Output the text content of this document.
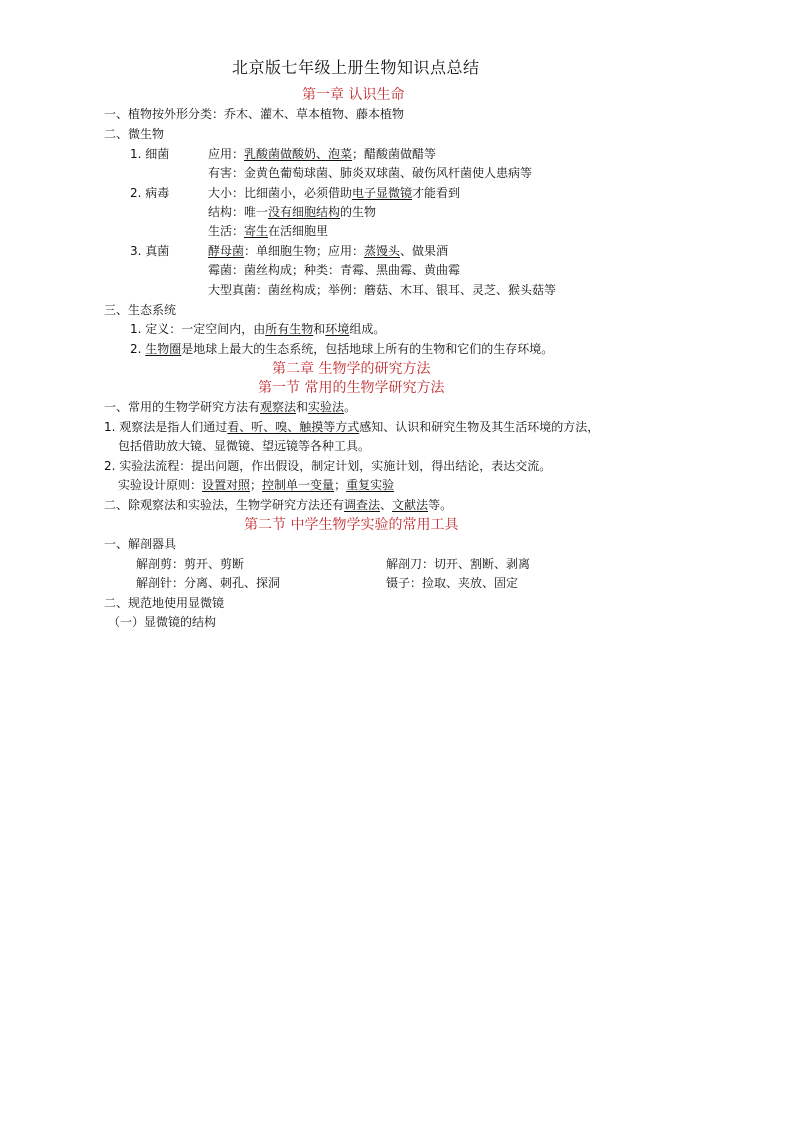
北京版七年级上册生物知识点总结
第一章 认识生命
一、植物按外形分类：乔木、灌木、草本植物、藤本植物
二、微生物
1. 细菌	应用：乳酸菌做酸奶、泡菜；醋酸菌做醋等
有害：金黄色葡萄球菌、肺炎双球菌、破伤风杆菌使人患病等
2. 病毒	大小：比细菌小，必须借助电子显微镜才能看到
结构：唯一没有细胞结构的生物
生活：寄生在活细胞里
3. 真菌	酵母菌：单细胞生物；应用：蒸馒头、做果酒
霉菌：菌丝构成；种类：青霉、黑曲霉、黄曲霉
大型真菌：菌丝构成；举例：蘑菇、木耳、银耳、灵芝、猴头菇等
三、生态系统
1. 定义：一定空间内，由所有生物和环境组成。
2. 生物圈是地球上最大的生态系统，包括地球上所有的生物和它们的生存环境。
第二章 生物学的研究方法
第一节 常用的生物学研究方法
一、常用的生物学研究方法有观察法和实验法。
1. 观察法是指人们通过看、听、嗅、触摸等方式感知、认识和研究生物及其生活环境的方法，
包括借助放大镜、显微镜、望远镜等各种工具。
2. 实验法流程：提出问题，作出假设，制定计划，实施计划，得出结论，表达交流。
实验设计原则：设置对照；控制单一变量；重复实验
二、除观察法和实验法，生物学研究方法还有调查法、文献法等。
第二节 中学生物学实验的常用工具
一、解剖器具
解剖剪：剪开、剪断	解剖刀：切开、割断、剥离
解剖针：分离、刺孔、探洞	镊子：捡取、夹放、固定
二、规范地使用显微镜
（一）显微镜的结构
